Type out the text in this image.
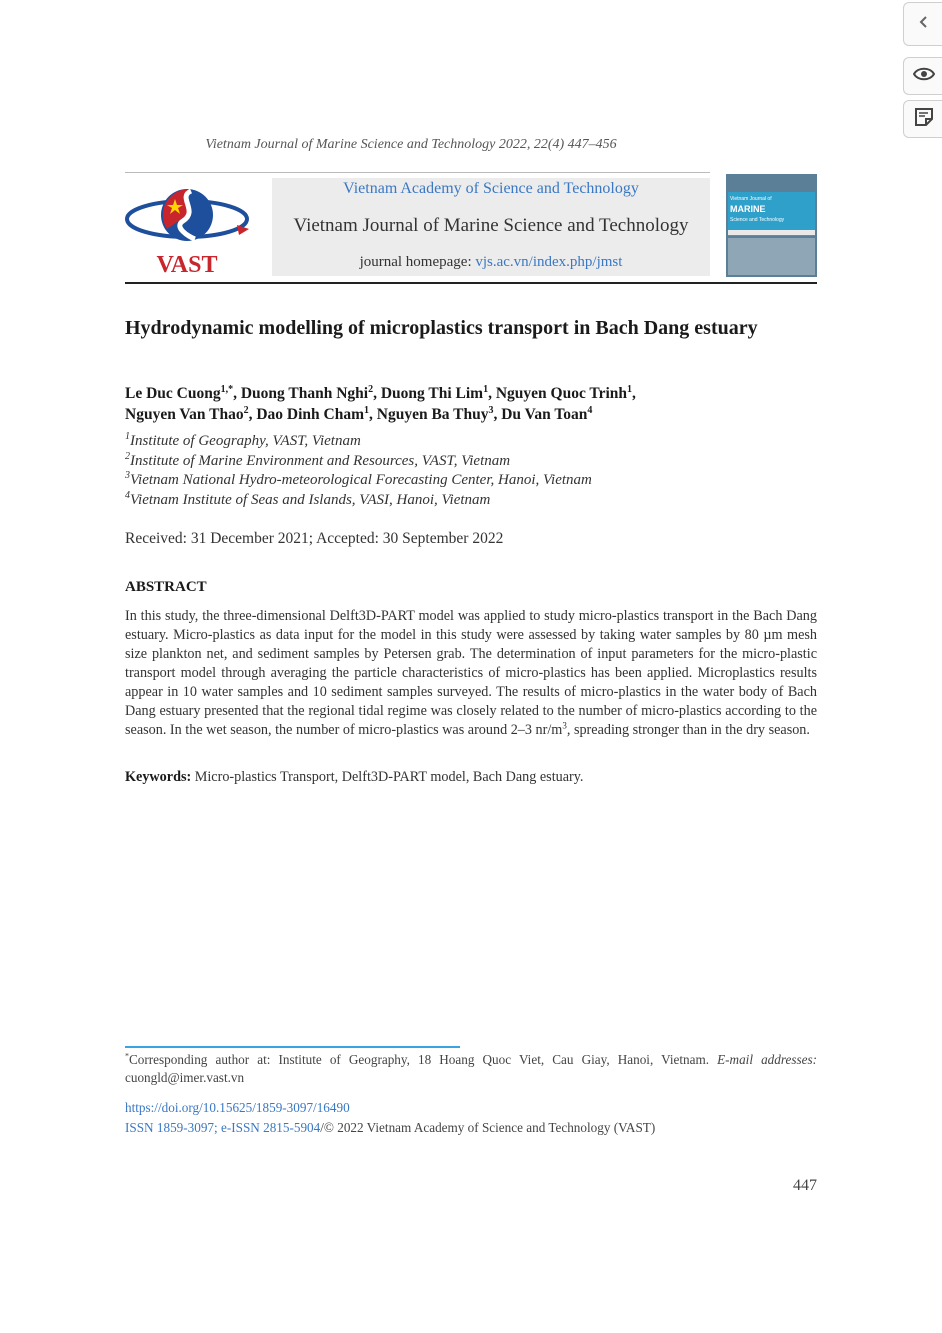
Vietnam Journal of Marine Science and Technology 2022, 22(4) 447–456
VAST
Vietnam Academy of Science and Technology
Vietnam Journal of Marine Science and Technology
journal homepage: vjs.ac.vn/index.php/jmst
Vietnam Journal of
MARINE
Science and Technology
Hydrodynamic modelling of microplastics transport in Bach Dang estuary
Le Duc Cuong$^{1,*}$, Duong Thanh Nghi$^2$, Duong Thi Lim$^1$, Nguyen Quoc Trinh$^1$,
Nguyen Van Thao$^2$, Dao Dinh Cham$^1$, Nguyen Ba Thuy$^3$, Du Van Toan$^4$
$^1$Institute of Geography, VAST, Vietnam
$^2$Institute of Marine Environment and Resources, VAST, Vietnam
$^3$Vietnam National Hydro-meteorological Forecasting Center, Hanoi, Vietnam
$^4$Vietnam Institute of Seas and Islands, VASI, Hanoi, Vietnam
Received: 31 December 2021; Accepted: 30 September 2022
ABSTRACT
In this study, the three-dimensional Delft3D-PART model was applied to study micro-plastics transport in the Bach Dang estuary. Micro-plastics as data input for the model in this study were assessed by taking water samples by 80 µm mesh size plankton net, and sediment samples by Petersen grab. The determination of input parameters for the micro-plastic transport model through averaging the particle characteristics of micro-plastics has been applied. Microplastics results appear in 10 water samples and 10 sediment samples surveyed. The results of micro-plastics in the water body of Bach Dang estuary presented that the regional tidal regime was closely related to the number of micro-plastics according to the season. In the wet season, the number of micro-plastics was around 2–3 $nr/m^3$, spreading stronger than in the dry season.
Keywords: Micro-plastics Transport, Delft3D-PART model, Bach Dang estuary.
*Corresponding author at: Institute of Geography, 18 Hoang Quoc Viet, Cau Giay, Hanoi, Vietnam. E-mail addresses: cuongld@imer.vast.vn
https://doi.org/10.15625/1859-3097/16490
ISSN 1859-3097; e-ISSN 2815-5904/© 2022 Vietnam Academy of Science and Technology (VAST)
447
